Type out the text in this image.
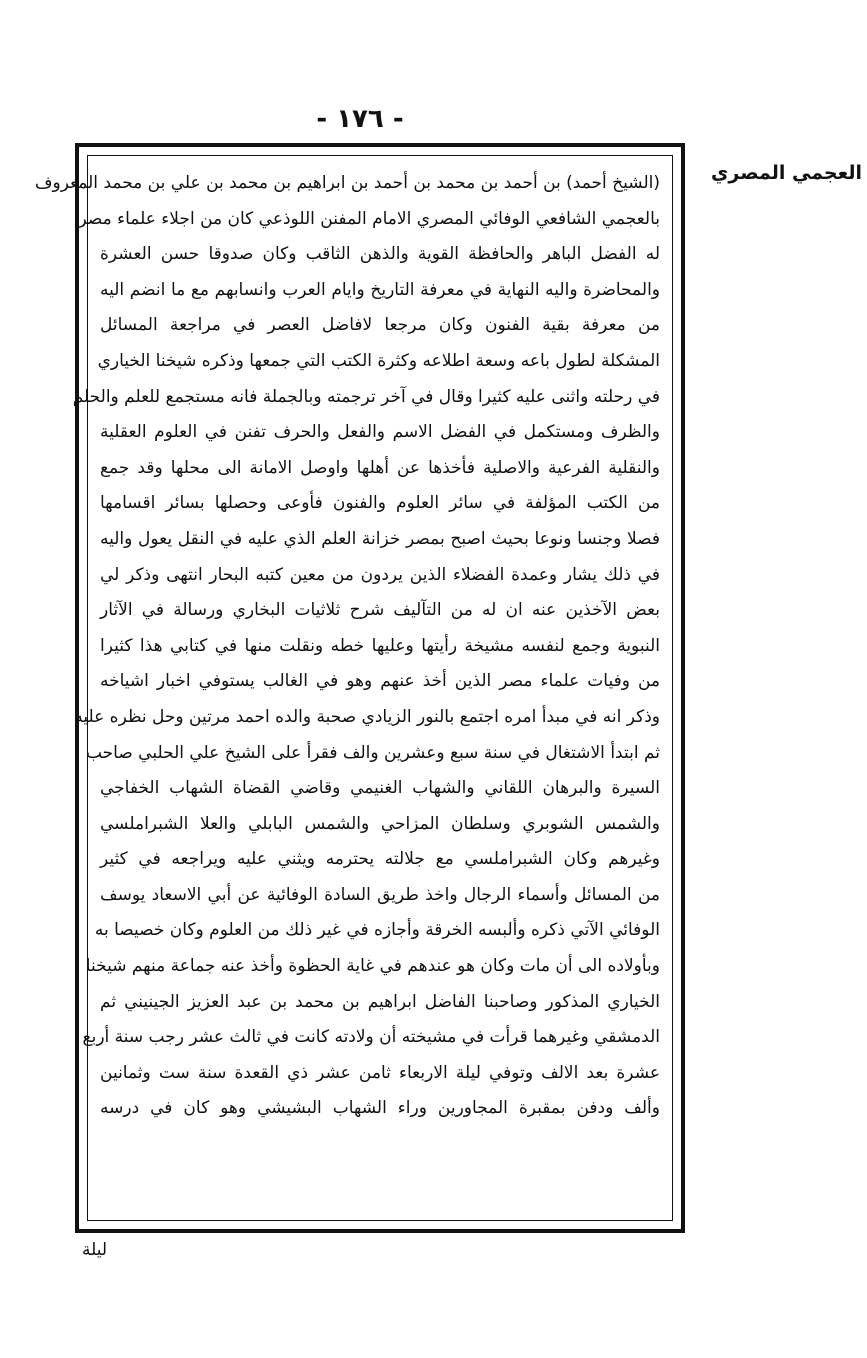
- ١٧٦ -
العجمي المصري
(الشيخ أحمد) بن أحمد بن محمد بن أحمد بن ابراهيم بن محمد بن علي بن محمد المعروف
بالعجمي الشافعي الوفائي المصري الامام المفنن اللوذعي كان من اجلاء علماء مصر
له الفضل الباهر والحافظة القوية والذهن الثاقب وكان صدوقا حسن العشرة
والمحاضرة واليه النهاية في معرفة التاريخ وايام العرب وانسابهم مع ما انضم اليه
من معرفة بقية الفنون وكان مرجعا لافاضل العصر في مراجعة المسائل
المشكلة لطول باعه وسعة اطلاعه وكثرة الكتب التي جمعها وذكره شيخنا الخياري
في رحلته واثنى عليه كثيرا وقال في آخر ترجمته وبالجملة فانه مستجمع للعلم والحلم
والظرف ومستكمل في الفضل الاسم والفعل والحرف تفنن في العلوم العقلية
والنقلية الفرعية والاصلية فأخذها عن أهلها واوصل الامانة الى محلها وقد جمع
من الكتب المؤلفة في سائر العلوم والفنون فأوعى وحصلها بسائر اقسامها
فصلا وجنسا ونوعا بحيث اصبح بمصر خزانة العلم الذي عليه في النقل يعول واليه
في ذلك يشار وعمدة الفضلاء الذين يردون من معين كتبه البحار انتهى وذكر لي
بعض الآخذين عنه ان له من التآليف شرح ثلاثيات البخاري ورسالة في الآثار
النبوية وجمع لنفسه مشيخة رأيتها وعليها خطه ونقلت منها في كتابي هذا كثيرا
من وفيات علماء مصر الذين أخذ عنهم وهو في الغالب يستوفي اخبار اشياخه
وذكر انه في مبدأ امره اجتمع بالنور الزيادي صحبة والده احمد مرتين وحل نظره عليه
ثم ابتدأ الاشتغال في سنة سبع وعشرين والف فقرأ على الشيخ علي الحلبي صاحب
السيرة والبرهان اللقاني والشهاب الغنيمي وقاضي القضاة الشهاب الخفاجي
والشمس الشوبري وسلطان المزاحي والشمس البابلي والعلا الشبراملسي
وغيرهم وكان الشبراملسي مع جلالته يحترمه ويثني عليه ويراجعه في كثير
من المسائل وأسماء الرجال واخذ طريق السادة الوفائية عن أبي الاسعاد يوسف
الوفائي الآتي ذكره وألبسه الخرقة وأجازه في غير ذلك من العلوم وكان خصيصا به
وبأولاده الى أن مات وكان هو عندهم في غاية الحظوة وأخذ عنه جماعة منهم شيخنا
الخياري المذكور وصاحبنا الفاضل ابراهيم بن محمد بن عبد العزيز الجينيني ثم
الدمشقي وغيرهما قرأت في مشيخته أن ولادته كانت في ثالث عشر رجب سنة أربع
عشرة بعد الالف وتوفي ليلة الاربعاء ثامن عشر ذي القعدة سنة ست وثمانين
وألف ودفن بمقبرة المجاورين وراء الشهاب البشيشي وهو كان في درسه
ليلة
